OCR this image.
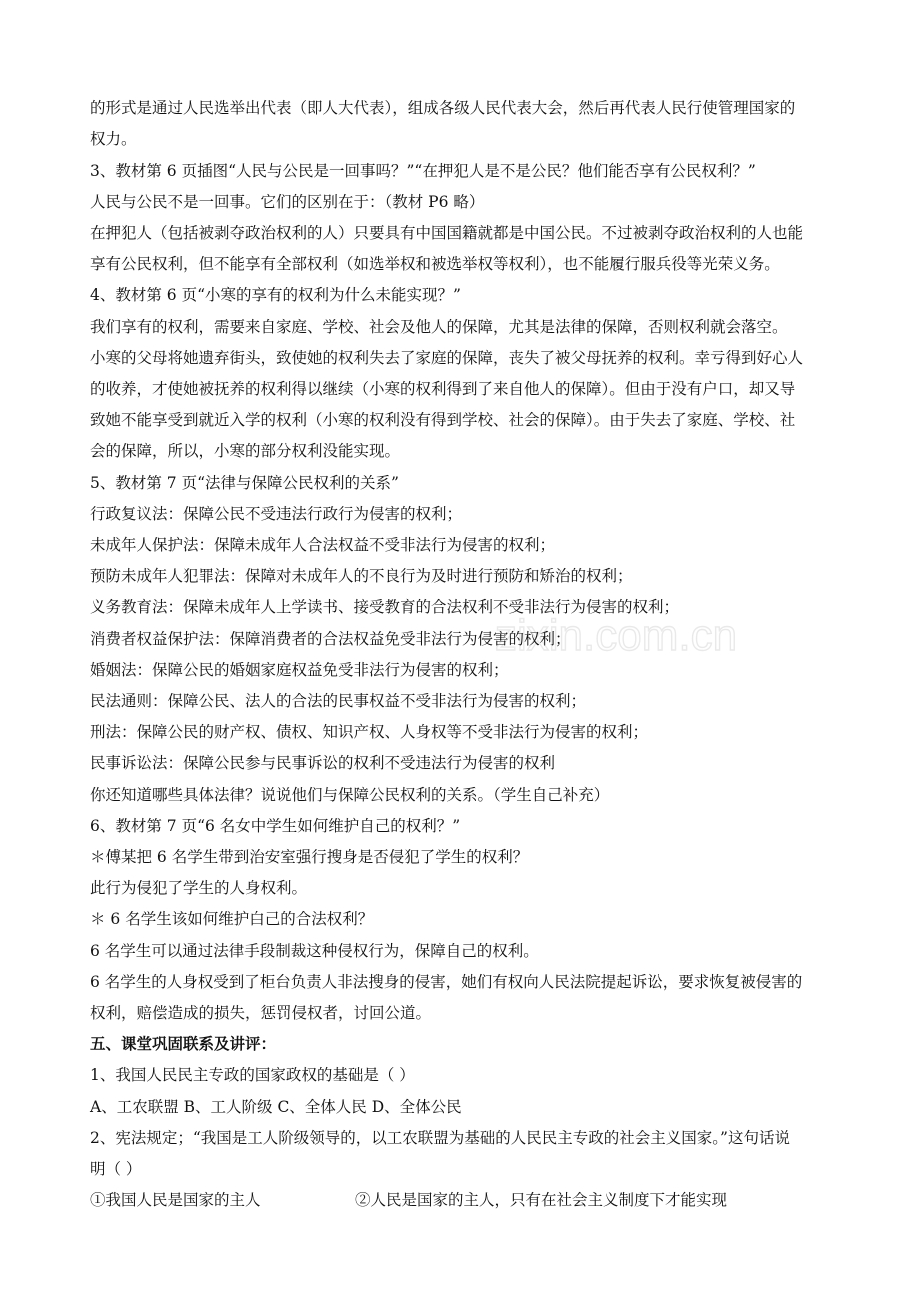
的形式是通过人民选举出代表（即人大代表），组成各级人民代表大会，然后再代表人民行使管理国家的
权力。
3、教材第 6 页插图“人民与公民是一回事吗？”“在押犯人是不是公民？他们能否享有公民权利？”
人民与公民不是一回事。它们的区别在于：（教材 P6 略）
在押犯人（包括被剥夺政治权利的人）只要具有中国国籍就都是中国公民。不过被剥夺政治权利的人也能
享有公民权利，但不能享有全部权利（如选举权和被选举权等权利），也不能履行服兵役等光荣义务。
4、教材第 6 页“小寒的享有的权利为什么未能实现？”
我们享有的权利，需要来自家庭、学校、社会及他人的保障，尤其是法律的保障，否则权利就会落空。
小寒的父母将她遗弃街头，致使她的权利失去了家庭的保障，丧失了被父母抚养的权利。幸亏得到好心人
的收养，才使她被抚养的权利得以继续（小寒的权利得到了来自他人的保障）。但由于没有户口，却又导
致她不能享受到就近入学的权利（小寒的权利没有得到学校、社会的保障）。由于失去了家庭、学校、社
会的保障，所以，小寒的部分权利没能实现。
5、教材第 7 页“法律与保障公民权利的关系”
行政复议法：保障公民不受违法行政行为侵害的权利；
未成年人保护法：保障未成年人合法权益不受非法行为侵害的权利；
预防未成年人犯罪法：保障对未成年人的不良行为及时进行预防和矫治的权利；
义务教育法：保障未成年人上学读书、接受教育的合法权利不受非法行为侵害的权利；
消费者权益保护法：保障消费者的合法权益免受非法行为侵害的权利；
婚姻法：保障公民的婚姻家庭权益免受非法行为侵害的权利；
民法通则：保障公民、法人的合法的民事权益不受非法行为侵害的权利；
刑法：保障公民的财产权、债权、知识产权、人身权等不受非法行为侵害的权利；
民事诉讼法：保障公民参与民事诉讼的权利不受违法行为侵害的权利
你还知道哪些具体法律？说说他们与保障公民权利的关系。（学生自己补充）
6、教材第 7 页“6 名女中学生如何维护自己的权利？”
＊傅某把 6 名学生带到治安室强行搜身是否侵犯了学生的权利？
此行为侵犯了学生的人身权利。
＊ 6 名学生该如何维护白己的合法权利？
6 名学生可以通过法律手段制裁这种侵权行为，保障自己的权利。
6 名学生的人身权受到了柜台负责人非法搜身的侵害，她们有权向人民法院提起诉讼，要求恢复被侵害的
权利，赔偿造成的损失，惩罚侵权者，讨回公道。
五、课堂巩固联系及讲评：
1、我国人民民主专政的国家政权的基础是（ ）
A、工农联盟 B、工人阶级 C、全体人民 D、全体公民
2、宪法规定；“我国是工人阶级领导的，以工农联盟为基础的人民民主专政的社会主义国家。”这句话说
明（ ）
①我国人民是国家的主人	②人民是国家的主人，只有在社会主义制度下才能实现
zixin.com.cn
